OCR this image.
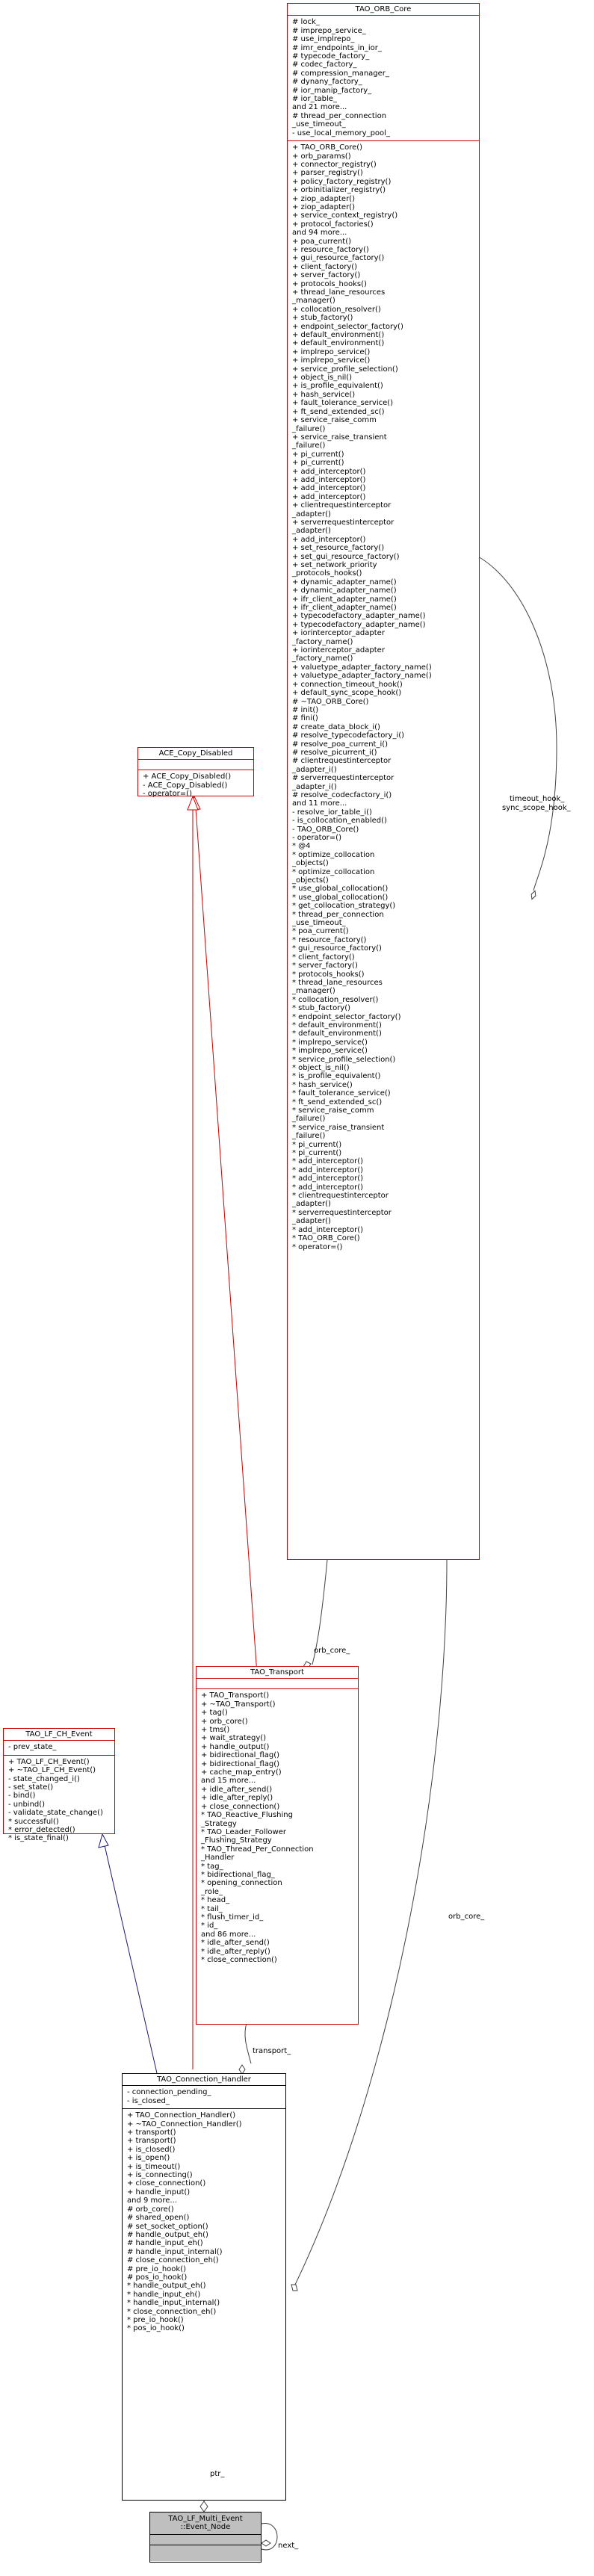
TAO_ORB_Core
# lock_
# imprepo_service_
# use_implrepo_
# imr_endpoints_in_ior_
# typecode_factory_
# codec_factory_
# compression_manager_
# dynany_factory_
# ior_manip_factory_
# ior_table_
and 21 more...
# thread_per_connection
_use_timeout_
- use_local_memory_pool_
+ TAO_ORB_Core()
+ orb_params()
+ connector_registry()
+ parser_registry()
+ policy_factory_registry()
+ orbinitializer_registry()
+ ziop_adapter()
+ ziop_adapter()
+ service_context_registry()
+ protocol_factories()
and 94 more...
+ poa_current()
+ resource_factory()
+ gui_resource_factory()
+ client_factory()
+ server_factory()
+ protocols_hooks()
+ thread_lane_resources
_manager()
+ collocation_resolver()
+ stub_factory()
+ endpoint_selector_factory()
+ default_environment()
+ default_environment()
+ implrepo_service()
+ implrepo_service()
+ service_profile_selection()
+ object_is_nil()
+ is_profile_equivalent()
+ hash_service()
+ fault_tolerance_service()
+ ft_send_extended_sc()
+ service_raise_comm
_failure()
+ service_raise_transient
_failure()
+ pi_current()
+ pi_current()
+ add_interceptor()
+ add_interceptor()
+ add_interceptor()
+ add_interceptor()
+ clientrequestinterceptor
_adapter()
+ serverrequestinterceptor
_adapter()
+ add_interceptor()
+ set_resource_factory()
+ set_gui_resource_factory()
+ set_network_priority
_protocols_hooks()
+ dynamic_adapter_name()
+ dynamic_adapter_name()
+ ifr_client_adapter_name()
+ ifr_client_adapter_name()
+ typecodefactory_adapter_name()
+ typecodefactory_adapter_name()
+ iorinterceptor_adapter
_factory_name()
+ iorinterceptor_adapter
_factory_name()
+ valuetype_adapter_factory_name()
+ valuetype_adapter_factory_name()
+ connection_timeout_hook()
+ default_sync_scope_hook()
# ~TAO_ORB_Core()
# init()
# fini()
# create_data_block_i()
# resolve_typecodefactory_i()
# resolve_poa_current_i()
# resolve_picurrent_i()
# clientrequestinterceptor
_adapter_i()
# serverrequestinterceptor
_adapter_i()
# resolve_codecfactory_i()
and 11 more...
- resolve_ior_table_i()
- is_collocation_enabled()
- TAO_ORB_Core()
- operator=()
* @4
* optimize_collocation
_objects()
* optimize_collocation
_objects()
* use_global_collocation()
* use_global_collocation()
* get_collocation_strategy()
* thread_per_connection
_use_timeout_
* poa_current()
* resource_factory()
* gui_resource_factory()
* client_factory()
* server_factory()
* protocols_hooks()
* thread_lane_resources
_manager()
* collocation_resolver()
* stub_factory()
* endpoint_selector_factory()
* default_environment()
* default_environment()
* implrepo_service()
* implrepo_service()
* service_profile_selection()
* object_is_nil()
* is_profile_equivalent()
* hash_service()
* fault_tolerance_service()
* ft_send_extended_sc()
* service_raise_comm
_failure()
* service_raise_transient
_failure()
* pi_current()
* pi_current()
* add_interceptor()
* add_interceptor()
* add_interceptor()
* add_interceptor()
* clientrequestinterceptor
_adapter()
* serverrequestinterceptor
_adapter()
* add_interceptor()
* TAO_ORB_Core()
* operator=()
ACE_Copy_Disabled
+ ACE_Copy_Disabled()
- ACE_Copy_Disabled()
- operator=()
TAO_Transport
+ TAO_Transport()
+ ~TAO_Transport()
+ tag()
+ orb_core()
+ tms()
+ wait_strategy()
+ handle_output()
+ bidirectional_flag()
+ bidirectional_flag()
+ cache_map_entry()
and 15 more...
+ idle_after_send()
+ idle_after_reply()
+ close_connection()
* TAO_Reactive_Flushing
_Strategy
* TAO_Leader_Follower
_Flushing_Strategy
* TAO_Thread_Per_Connection
_Handler
* tag_
* bidirectional_flag_
* opening_connection
_role_
* head_
* tail_
* flush_timer_id_
* id_
and 86 more...
* idle_after_send()
* idle_after_reply()
* close_connection()
TAO_LF_CH_Event
- prev_state_
+ TAO_LF_CH_Event()
+ ~TAO_LF_CH_Event()
- state_changed_i()
- set_state()
- bind()
- unbind()
- validate_state_change()
* successful()
* error_detected()
* is_state_final()
TAO_Connection_Handler
- connection_pending_
- is_closed_
+ TAO_Connection_Handler()
+ ~TAO_Connection_Handler()
+ transport()
+ transport()
+ is_closed()
+ is_open()
+ is_timeout()
+ is_connecting()
+ close_connection()
+ handle_input()
and 9 more...
# orb_core()
# shared_open()
# set_socket_option()
# handle_output_eh()
# handle_input_eh()
# handle_input_internal()
# close_connection_eh()
# pre_io_hook()
# pos_io_hook()
* handle_output_eh()
* handle_input_eh()
* handle_input_internal()
* close_connection_eh()
* pre_io_hook()
* pos_io_hook()
TAO_LF_Multi_Event
::Event_Node
timeout_hook_
sync_scope_hook_
orb_core_
orb_core_
transport_
ptr_
next_
